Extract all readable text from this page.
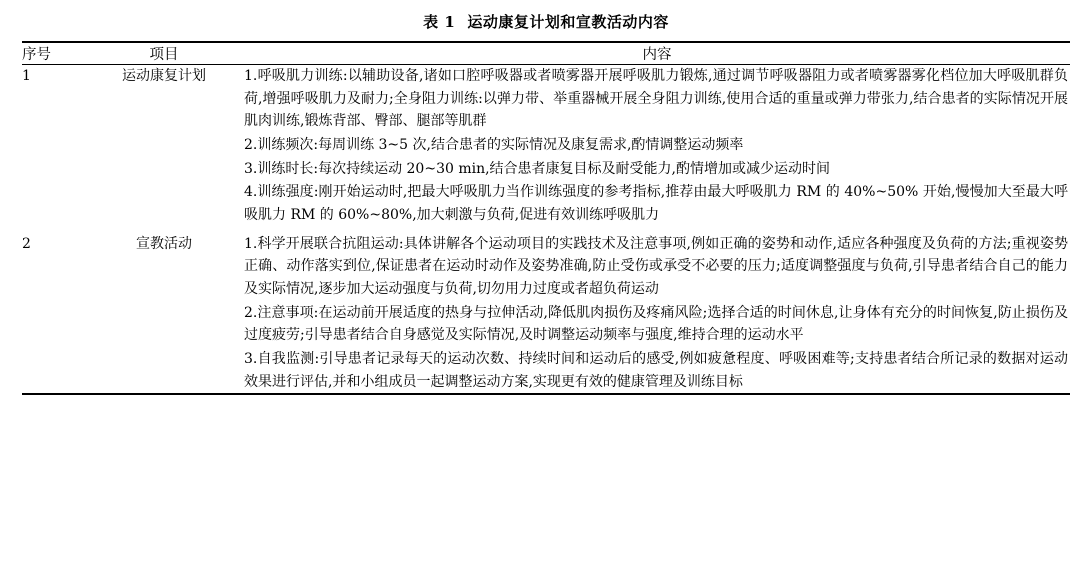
表 1 运动康复计划和宣教活动内容
序号	项目	内容

1	运动康复计划	1.呼吸肌力训练:以辅助设备,诸如口腔呼吸器或者喷雾器开展呼吸肌力锻炼,通过调节呼吸器阻力或者喷雾器雾化档位加大呼吸肌群负荷,增强呼吸肌力及耐力;全身阻力训练:以弹力带、举重器械开展全身阻力训练,使用合适的重量或弹力带张力,结合患者的实际情况开展肌肉训练,锻炼背部、臀部、腿部等肌群

2.训练频次:每周训练 3~5 次,结合患者的实际情况及康复需求,酌情调整运动频率

3.训练时长:每次持续运动 20~30 min,结合患者康复目标及耐受能力,酌情增加或减少运动时间

4.训练强度:刚开始运动时,把最大呼吸肌力当作训练强度的参考指标,推荐由最大呼吸肌力 RM 的 40%~50% 开始,慢慢加大至最大呼吸肌力 RM 的 60%~80%,加大刺激与负荷,促进有效训练呼吸肌力

2	宣教活动	1.科学开展联合抗阻运动:具体讲解各个运动项目的实践技术及注意事项,例如正确的姿势和动作,适应各种强度及负荷的方法;重视姿势正确、动作落实到位,保证患者在运动时动作及姿势准确,防止受伤或承受不必要的压力;适度调整强度与负荷,引导患者结合自己的能力及实际情况,逐步加大运动强度与负荷,切勿用力过度或者超负荷运动

2.注意事项:在运动前开展适度的热身与拉伸活动,降低肌肉损伤及疼痛风险;选择合适的时间休息,让身体有充分的时间恢复,防止损伤及过度疲劳;引导患者结合自身感觉及实际情况,及时调整运动频率与强度,维持合理的运动水平

3.自我监测:引导患者记录每天的运动次数、持续时间和运动后的感受,例如疲惫程度、呼吸困难等;支持患者结合所记录的数据对运动效果进行评估,并和小组成员一起调整运动方案,实现更有效的健康管理及训练目标
